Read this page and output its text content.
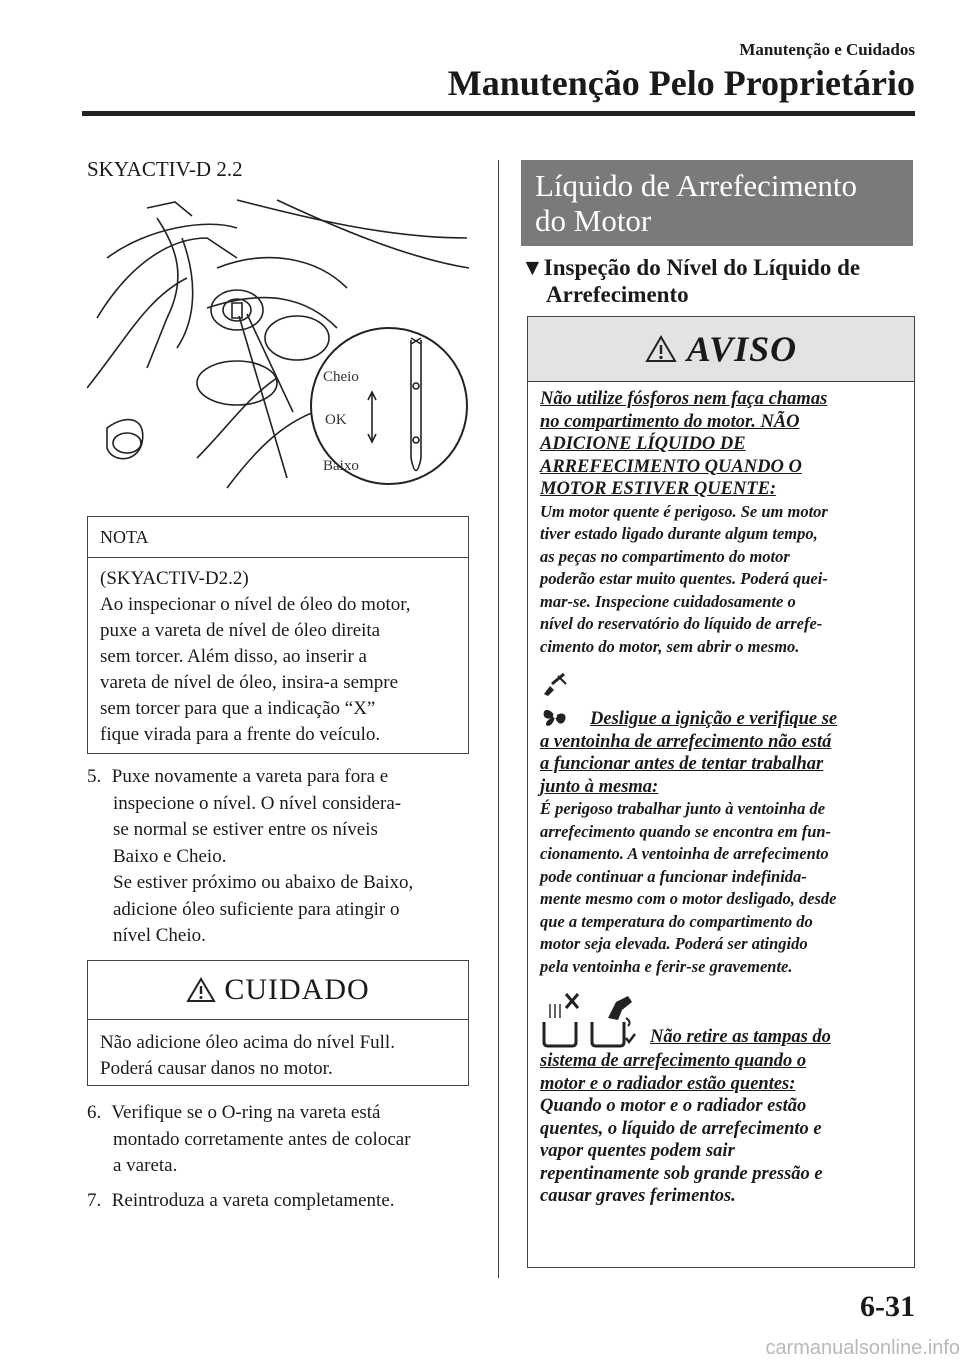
Manutenção e Cuidados
Manutenção Pelo Proprietário
SKYACTIV-D 2.2
Cheio
OK
Baixo
NOTA
(SKYACTIV-D2.2)
Ao inspecionar o nível de óleo do motor,
puxe a vareta de nível de óleo direita
sem torcer. Além disso, ao inserir a
vareta de nível de óleo, insira-a sempre
sem torcer para que a indicação “X”
fique virada para a frente do veículo.
5. Puxe novamente a vareta para fora e
inspecione o nível. O nível considera-
se normal se estiver entre os níveis
Baixo e Cheio.
Se estiver próximo ou abaixo de Baixo,
adicione óleo suficiente para atingir o
nível Cheio.
CUIDADO
Não adicione óleo acima do nível Full.
Poderá causar danos no motor.
6. Verifique se o O-ring na vareta está
montado corretamente antes de colocar
a vareta.
7. Reintroduza a vareta completamente.
Líquido de Arrefecimento
do Motor
▼Inspeção do Nível do Líquido de
Arrefecimento
AVISO
Não utilize fósforos nem faça chamas
no compartimento do motor. NÃO
ADICIONE LÍQUIDO DE
ARREFECIMENTO QUANDO O
MOTOR ESTIVER QUENTE:
Um motor quente é perigoso. Se um motor
tiver estado ligado durante algum tempo,
as peças no compartimento do motor
poderão estar muito quentes. Poderá quei-
mar-se. Inspecione cuidadosamente o
nível do reservatório do líquido de arrefe-
cimento do motor, sem abrir o mesmo.
Desligue a ignição e verifique se
a ventoinha de arrefecimento não está
a funcionar antes de tentar trabalhar
junto à mesma:
É perigoso trabalhar junto à ventoinha de
arrefecimento quando se encontra em fun-
cionamento. A ventoinha de arrefecimento
pode continuar a funcionar indefinida-
mente mesmo com o motor desligado, desde
que a temperatura do compartimento do
motor seja elevada. Poderá ser atingido
pela ventoinha e ferir-se gravemente.
Não retire as tampas do
sistema de arrefecimento quando o
motor e o radiador estão quentes:
Quando o motor e o radiador estão
quentes, o líquido de arrefecimento e
vapor quentes podem sair
repentinamente sob grande pressão e
causar graves ferimentos.
6-31
carmanualsonline.info
